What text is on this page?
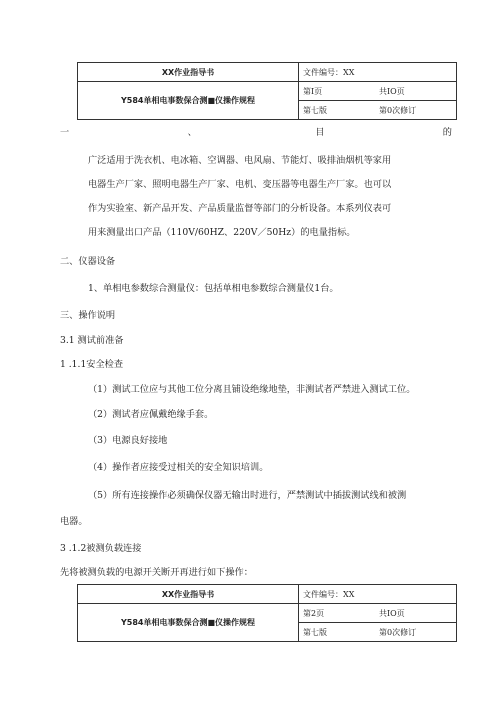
XX作业指导书	文件编号：XX
Y584单相电事数保合测■仪操作规程	第I页 共IO页
	第七版 第0次修订
一	、	目	的
广泛适用于洗衣机、电冰箱、空调器、电风扇、节能灯、吸排油烟机等家用
电器生产厂家、照明电器生产厂家、电机、变压器等电器生产厂家。也可以
作为实验室、新产品开发、产品质量监督等部门的分析设备。本系列仪表可
用来测量出口产品（110V/60HZ、220V／50Hz）的电量指标。
二、仪器设备
1、单相电参数综合测量仪：包括单相电参数综合测量仪1台。
三、操作说明
3.1 测试前准备
1 .1.1安全检查
（1）测试工位应与其他工位分离且铺设绝缘地垫，非测试者严禁进入测试工位。
（2）测试者应佩戴绝缘手套。
（3）电源良好接地
（4）操作者应接受过相关的安全知识培训。
（5）所有连接操作必须确保仪器无输出时进行，严禁测试中插拔测试线和被测
电器。
3 .1.2被测负载连接
先将被测负载的电源开关断开再进行如下操作：
XX作业指导书	文件编号：XX
Y584单相电事数保合测■仪操作规程	第2页 共IO页
	第七版 第0次修订
